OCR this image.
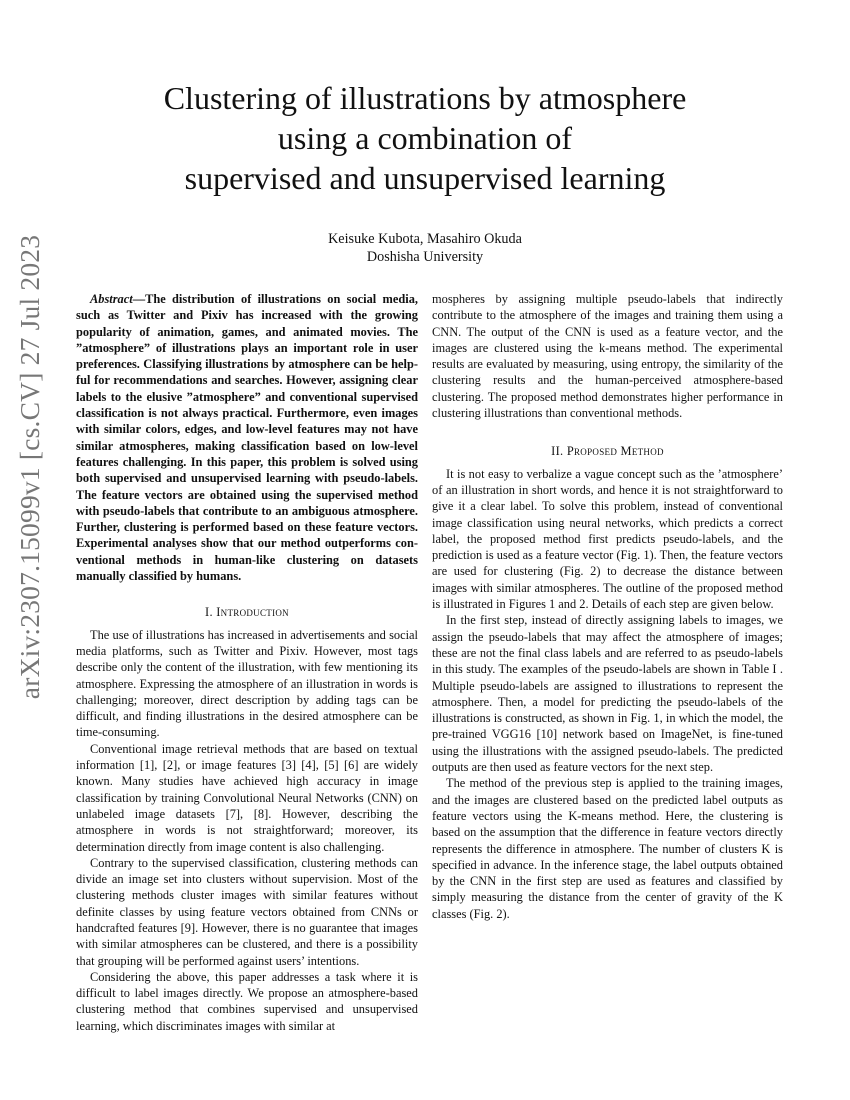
Clustering of illustrations by atmosphere
using a combination of
supervised and unsupervised learning
Keisuke Kubota, Masahiro Okuda
Doshisha University
arXiv:2307.15099v1 [cs.CV] 27 Jul 2023	Abstract—The distribution of illustrations on social media, such as Twitter and Pixiv has increased with the growing popularity of animation, games, and animated movies. The ”atmosphere” of illustrations plays an important role in user preferences. Classifying illustrations by atmosphere can be helpful for recommendations and searches. However, assigning clear labels to the elusive ”atmosphere” and conventional supervised classification is not always practical. Furthermore, even images with similar colors, edges, and low-level features may not have similar atmospheres, making classification based on low-level features challenging. In this paper, this problem is solved using both supervised and unsupervised learning with pseudo-labels. The feature vectors are obtained using the supervised method with pseudo-labels that contribute to an ambiguous atmosphere. Further, clustering is performed based on these feature vectors. Experimental analyses show that our method outperforms conventional methods in human-like clustering on datasets manually classified by humans.

I. Introduction

The use of illustrations has increased in advertisements and social media platforms, such as Twitter and Pixiv. However, most tags describe only the content of the illustration, with few mentioning its atmosphere. Expressing the atmosphere of an illustration in words is challenging; moreover, direct description by adding tags can be difficult, and finding illustrations in the desired atmosphere can be time-consuming.

Conventional image retrieval methods that are based on textual information [1], [2], or image features [3] [4], [5] [6] are widely known. Many studies have achieved high accuracy in image classification by training Convolutional Neural Networks (CNN) on unlabeled image datasets [7], [8]. However, describing the atmosphere in words is not straightforward; moreover, its determination directly from image content is also challenging.

Contrary to the supervised classification, clustering methods can divide an image set into clusters without supervision. Most of the clustering methods cluster images with similar features without definite classes by using feature vectors obtained from CNNs or handcrafted features [9]. However, there is no guarantee that images with similar atmospheres can be clustered, and there is a possibility that grouping will be performed against users’ intentions.

Considering the above, this paper addresses a task where it is difficult to label images directly. We propose an atmosphere-based clustering method that combines supervised and unsupervised learning, which discriminates images with similar at

mospheres by assigning multiple pseudo-labels that indirectly contribute to the atmosphere of the images and training them using a CNN. The output of the CNN is used as a feature vector, and the images are clustered using the k-means method. The experimental results are evaluated by measuring, using entropy, the similarity of the clustering results and the human-perceived atmosphere-based clustering. The proposed method demonstrates higher performance in clustering illustrations than conventional methods.

II. Proposed Method

It is not easy to verbalize a vague concept such as the ’atmosphere’ of an illustration in short words, and hence it is not straightforward to give it a clear label. To solve this problem, instead of conventional image classification using neural networks, which predicts a correct label, the proposed method first predicts pseudo-labels, and the prediction is used as a feature vector (Fig. 1). Then, the feature vectors are used for clustering (Fig. 2) to decrease the distance between images with similar atmospheres. The outline of the proposed method is illustrated in Figures 1 and 2. Details of each step are given below.

In the first step, instead of directly assigning labels to images, we assign the pseudo-labels that may affect the atmosphere of images; these are not the final class labels and are referred to as pseudo-labels in this study. The examples of the pseudo-labels are shown in Table I . Multiple pseudo-labels are assigned to illustrations to represent the atmosphere. Then, a model for predicting the pseudo-labels of the illustrations is constructed, as shown in Fig. 1, in which the model, the pre-trained VGG16 [10] network based on ImageNet, is fine-tuned using the illustrations with the assigned pseudo-labels. The predicted outputs are then used as feature vectors for the next step.

The method of the previous step is applied to the training images, and the images are clustered based on the predicted label outputs as feature vectors using the K-means method. Here, the clustering is based on the assumption that the difference in feature vectors directly represents the difference in atmosphere. The number of clusters K is specified in advance. In the inference stage, the label outputs obtained by the CNN in the first step are used as features and classified by simply measuring the distance from the center of gravity of the K classes (Fig. 2).
